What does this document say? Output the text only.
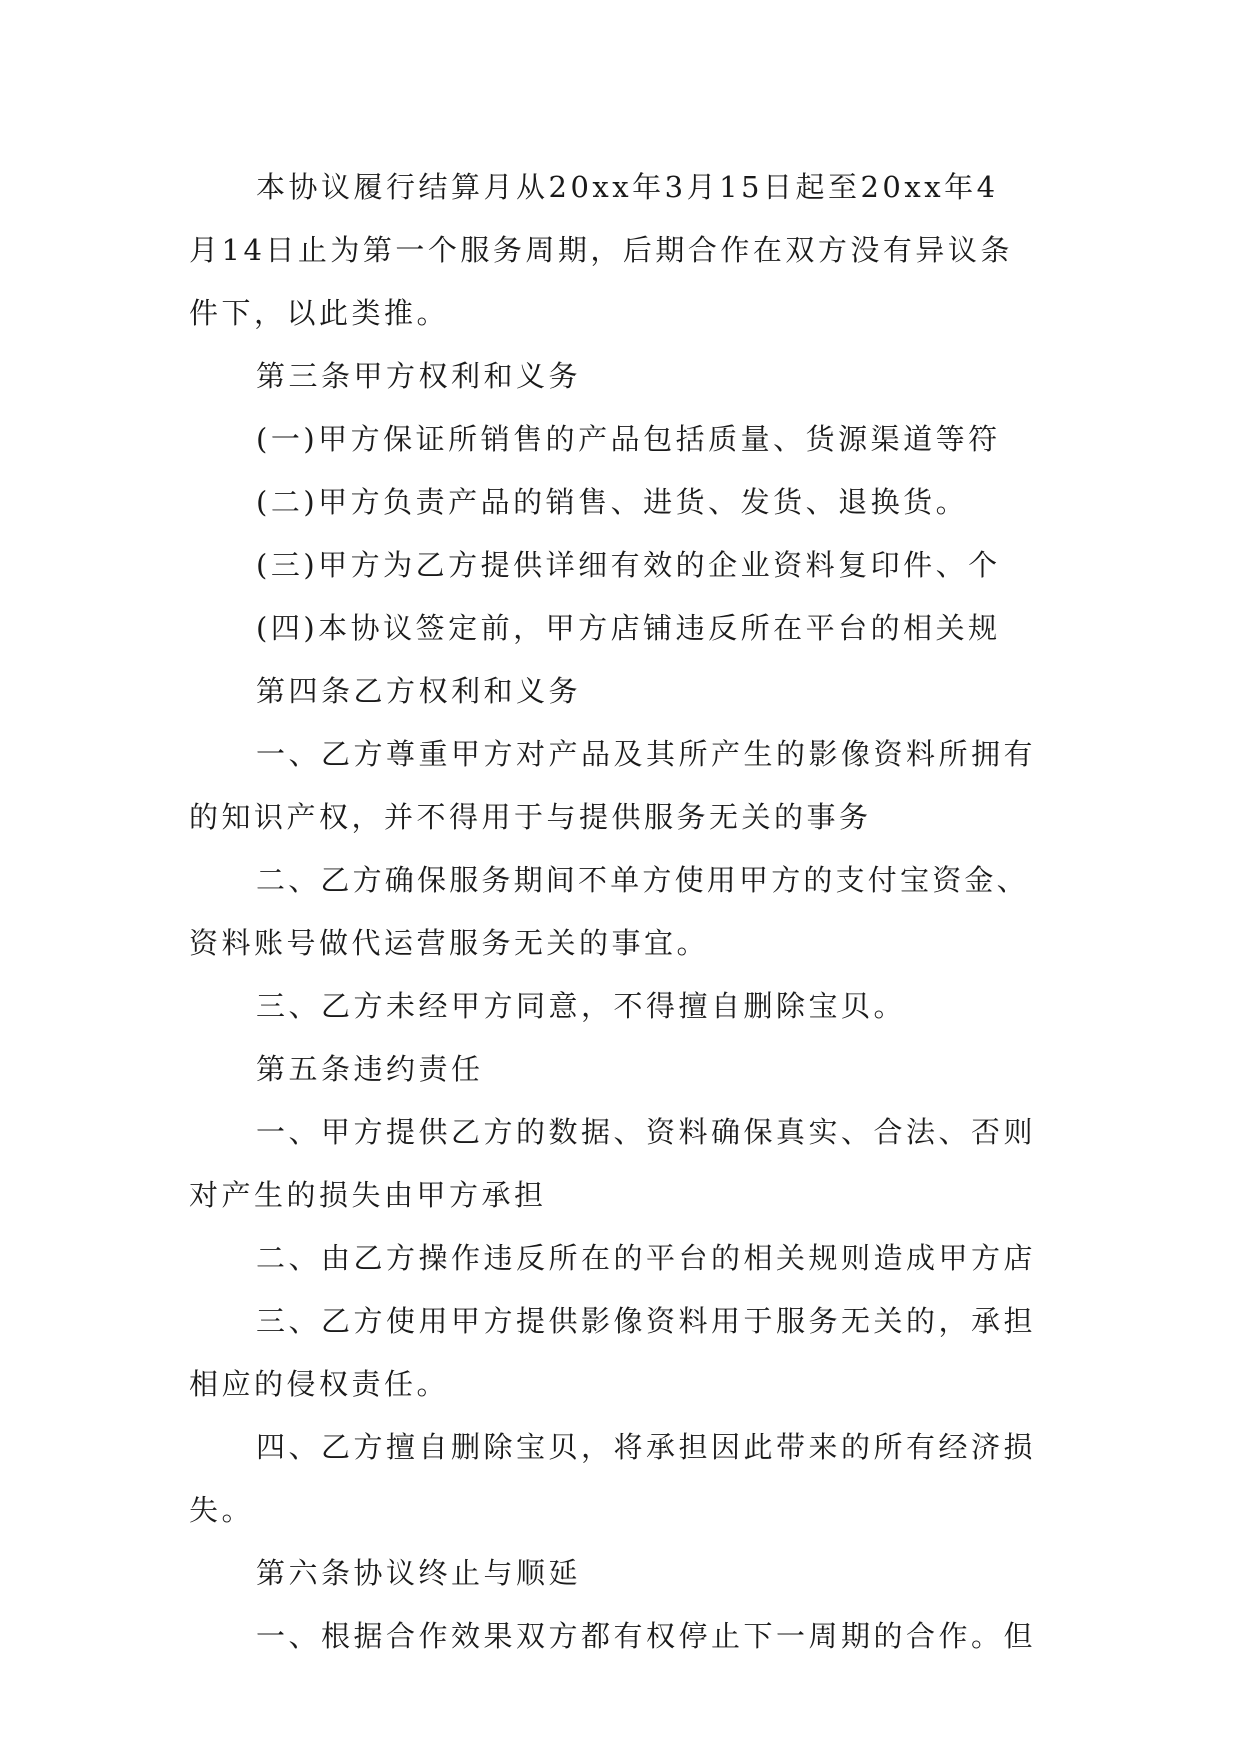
本协议履行结算月从20xx年3月15日起至20xx年4

月14日止为第一个服务周期，后期合作在双方没有异议条

件下，以此类推。

第三条甲方权利和义务

(一)甲方保证所销售的产品包括质量、货源渠道等符

(二)甲方负责产品的销售、进货、发货、退换货。

(三)甲方为乙方提供详细有效的企业资料复印件、个

(四)本协议签定前，甲方店铺违反所在平台的相关规

第四条乙方权利和义务

一、乙方尊重甲方对产品及其所产生的影像资料所拥有

的知识产权，并不得用于与提供服务无关的事务

二、乙方确保服务期间不单方使用甲方的支付宝资金、

资料账号做代运营服务无关的事宜。

三、乙方未经甲方同意，不得擅自删除宝贝。

第五条违约责任

一、甲方提供乙方的数据、资料确保真实、合法、否则

对产生的损失由甲方承担

二、由乙方操作违反所在的平台的相关规则造成甲方店

三、乙方使用甲方提供影像资料用于服务无关的，承担

相应的侵权责任。

四、乙方擅自删除宝贝，将承担因此带来的所有经济损

失。

第六条协议终止与顺延

一、根据合作效果双方都有权停止下一周期的合作。但
